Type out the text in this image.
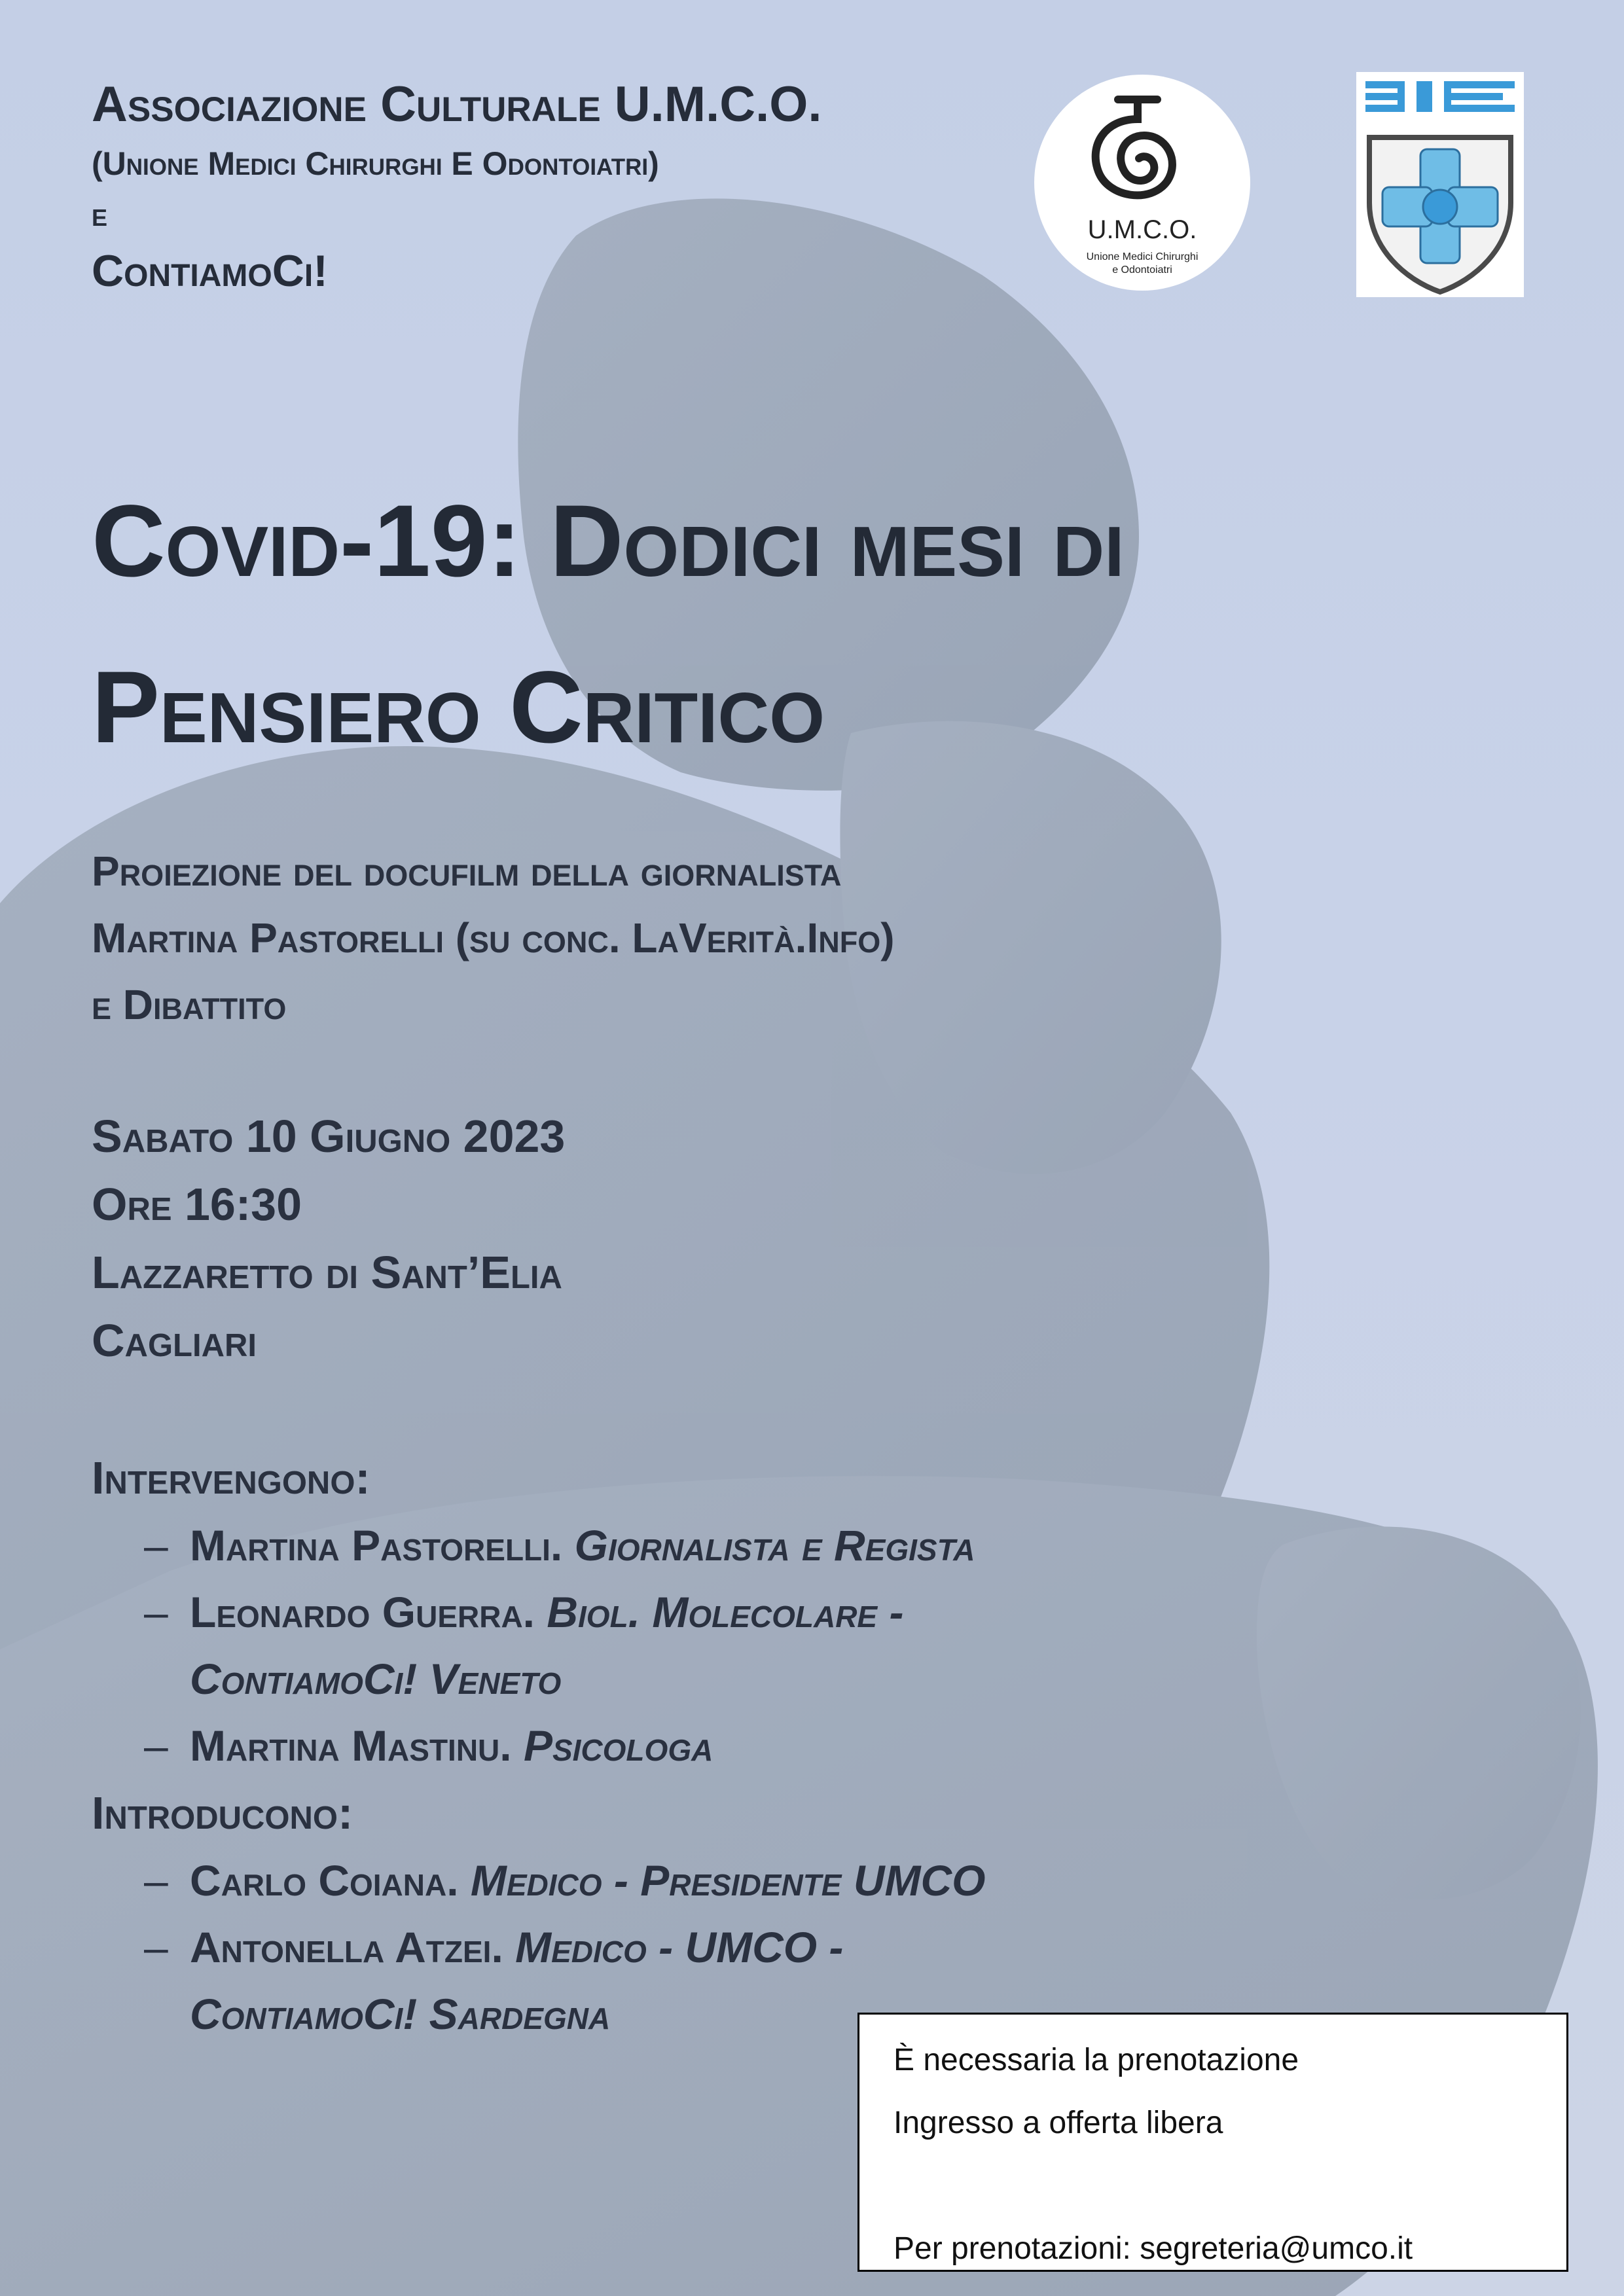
Associazione Culturale U.M.C.O.
(Unione Medici Chirurghi E Odontoiatri)
e
ContiamoCi!
U.M.C.O.
Unione Medici Chirurghi
e Odontoiatri
Covid-19: Dodici mesi di
Pensiero Critico
Proiezione del docufilm della giornalista
Martina Pastorelli (su conc. LaVerità.Info)
e Dibattito
Sabato 10 Giugno 2023
Ore 16:30
Lazzaretto di Sant’Elia
Cagliari
Intervengono:
– Martina Pastorelli. Giornalista e Regista
– Leonardo Guerra. Biol. Molecolare -
ContiamoCi! Veneto
– Martina Mastinu. Psicologa
Introducono:
– Carlo Coiana. Medico - Presidente UMCO
– Antonella Atzei. Medico - UMCO -
ContiamoCi! Sardegna
È necessaria la prenotazione
Ingresso a offerta libera
Per prenotazioni: segreteria@umco.it
